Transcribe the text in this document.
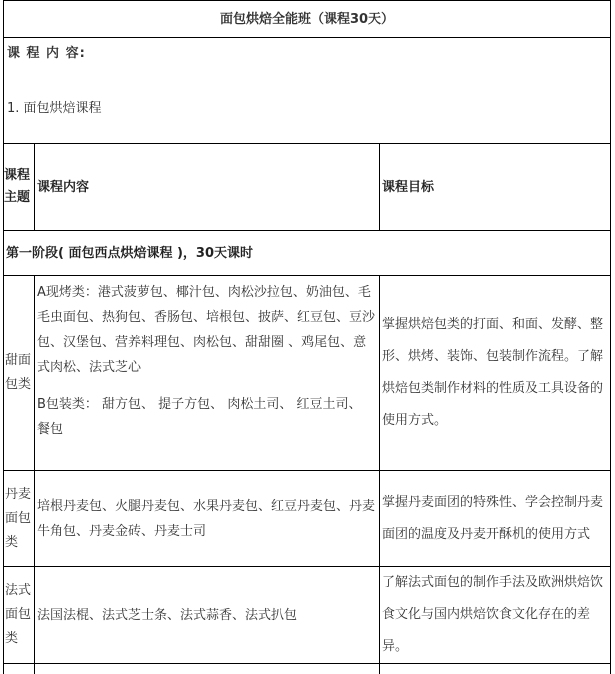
面包烘焙全能班（课程30天）		

课 程 内 容:
1. 面包烘焙课程		

课程主题	课程内容	课程目标
第一阶段( 面包西点烘焙课程 )，30天课时		
甜面包类	A现烤类：港式菠萝包、椰汁包、肉松沙拉包、奶油包、毛毛虫面包、热狗包、香肠包、培根包、披萨、红豆包、豆沙包、汉堡包、营养料理包、肉松包、甜甜圈 、鸡尾包、意式肉松、法式芝心

B包装类： 甜方包、 提子方包、 肉松土司、 红豆土司、 餐包	掌握烘焙包类的打面、和面、发酵、整形、烘烤、装饰、包装制作流程。了解烘焙包类制作材料的性质及工具设备的使用方式。
丹麦面包类	培根丹麦包、火腿丹麦包、水果丹麦包、红豆丹麦包、丹麦牛角包、丹麦金砖、丹麦士司	掌握丹麦面团的特殊性、学会控制丹麦面团的温度及丹麦开酥机的使用方式
法式面包类	法国法棍、法式芝士条、法式蒜香、法式扒包	了解法式面包的制作手法及欧洲烘焙饮食文化与国内烘焙饮食文化存在的差异。
